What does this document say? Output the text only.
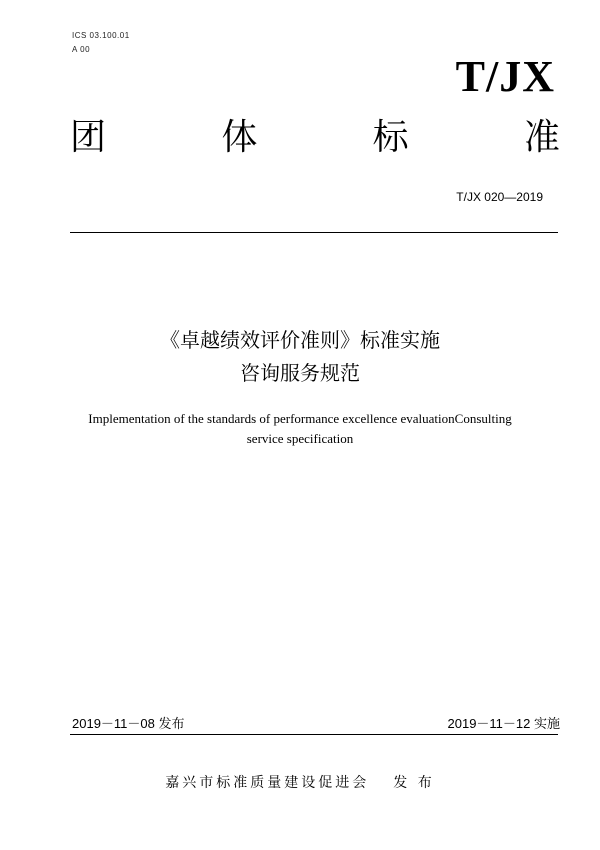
ICS 03.100.01
A 00
T/JX
团	体	标	准
T/JX 020—2019
《卓越绩效评价准则》标准实施
咨询服务规范
Implementation of the standards of performance excellence evaluationConsulting
service specification
2019－11－08 发布	2019－11－12 实施
嘉兴市标准质量建设促进会 发 布
